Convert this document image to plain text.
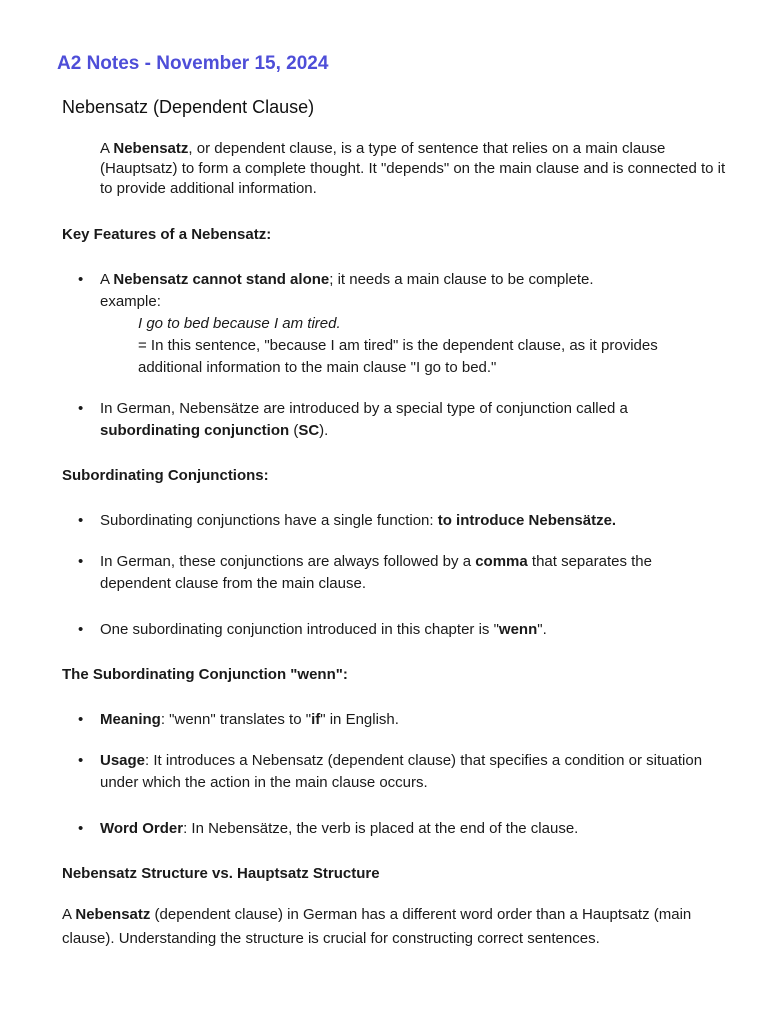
A2 Notes - November 15, 2024
Nebensatz (Dependent Clause)

A Nebensatz, or dependent clause, is a type of sentence that relies on a main clause (Hauptsatz) to form a complete thought. It "depends" on the main clause and is connected to it to provide additional information.

Key Features of a Nebensatz:
• A Nebensatz cannot stand alone; it needs a main clause to be complete.
example:
I go to bed because I am tired.
= In this sentence, "because I am tired" is the dependent clause, as it provides additional information to the main clause "I go to bed."
• In German, Nebensätze are introduced by a special type of conjunction called a subordinating conjunction (SC).
Subordinating Conjunctions:
• Subordinating conjunctions have a single function: to introduce Nebensätze.
• In German, these conjunctions are always followed by a comma that separates the dependent clause from the main clause.
• One subordinating conjunction introduced in this chapter is "wenn".
The Subordinating Conjunction "wenn":
• Meaning: "wenn" translates to "if" in English.
• Usage: It introduces a Nebensatz (dependent clause) that specifies a condition or situation under which the action in the main clause occurs.
• Word Order: In Nebensätze, the verb is placed at the end of the clause.
Nebensatz Structure vs. Hauptsatz Structure

A Nebensatz (dependent clause) in German has a different word order than a Hauptsatz (main clause). Understanding the structure is crucial for constructing correct sentences.
